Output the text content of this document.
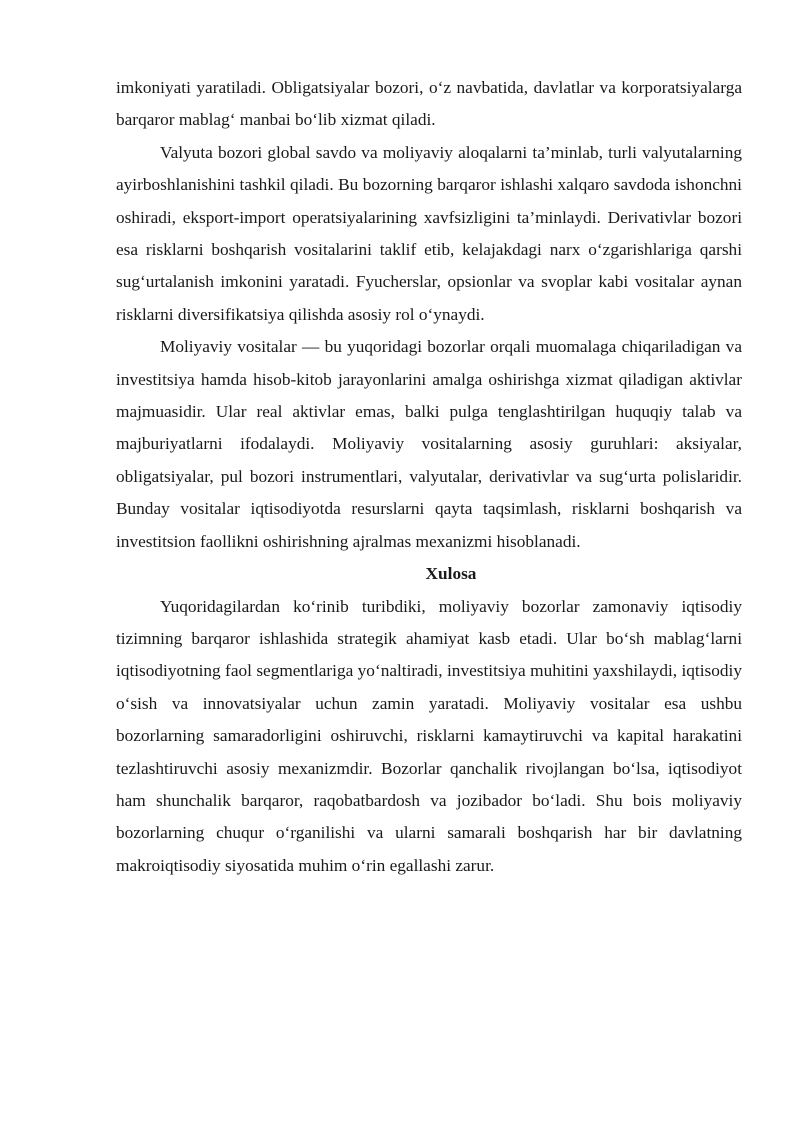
imkoniyati yaratiladi. Obligatsiyalar bozori, o‘z navbatida, davlatlar va korporatsiyalarga barqaror mablag‘ manbai bo‘lib xizmat qiladi.

Valyuta bozori global savdo va moliyaviy aloqalarni ta’minlab, turli valyutalarning ayirboshlanishini tashkil qiladi. Bu bozorning barqaror ishlashi xalqaro savdoda ishonchni oshiradi, eksport-import operatsiyalarining xavfsizligini ta’minlaydi. Derivativlar bozori esa risklarni boshqarish vositalarini taklif etib, kelajakdagi narx o‘zgarishlariga qarshi sug‘urtalanish imkonini yaratadi. Fyucherslar, opsionlar va svoplar kabi vositalar aynan risklarni diversifikatsiya qilishda asosiy rol o‘ynaydi.

Moliyaviy vositalar — bu yuqoridagi bozorlar orqali muomalaga chiqariladigan va investitsiya hamda hisob-kitob jarayonlarini amalga oshirishga xizmat qiladigan aktivlar majmuasidir. Ular real aktivlar emas, balki pulga tenglashtirilgan huquqiy talab va majburiyatlarni ifodalaydi. Moliyaviy vositalarning asosiy guruhlari: aksiyalar, obligatsiyalar, pul bozori instrumentlari, valyutalar, derivativlar va sug‘urta polislaridir. Bunday vositalar iqtisodiyotda resurslarni qayta taqsimlash, risklarni boshqarish va investitsion faollikni oshirishning ajralmas mexanizmi hisoblanadi.

Xulosa

Yuqoridagilardan ko‘rinib turibdiki, moliyaviy bozorlar zamonaviy iqtisodiy tizimning barqaror ishlashida strategik ahamiyat kasb etadi. Ular bo‘sh mablag‘larni iqtisodiyotning faol segmentlariga yo‘naltiradi, investitsiya muhitini yaxshilaydi, iqtisodiy o‘sish va innovatsiyalar uchun zamin yaratadi. Moliyaviy vositalar esa ushbu bozorlarning samaradorligini oshiruvchi, risklarni kamaytiruvchi va kapital harakatini tezlashtiruvchi asosiy mexanizmdir. Bozorlar qanchalik rivojlangan bo‘lsa, iqtisodiyot ham shunchalik barqaror, raqobatbardosh va jozibador bo‘ladi. Shu bois moliyaviy bozorlarning chuqur o‘rganilishi va ularni samarali boshqarish har bir davlatning makroiqtisodiy siyosatida muhim o‘rin egallashi zarur.
